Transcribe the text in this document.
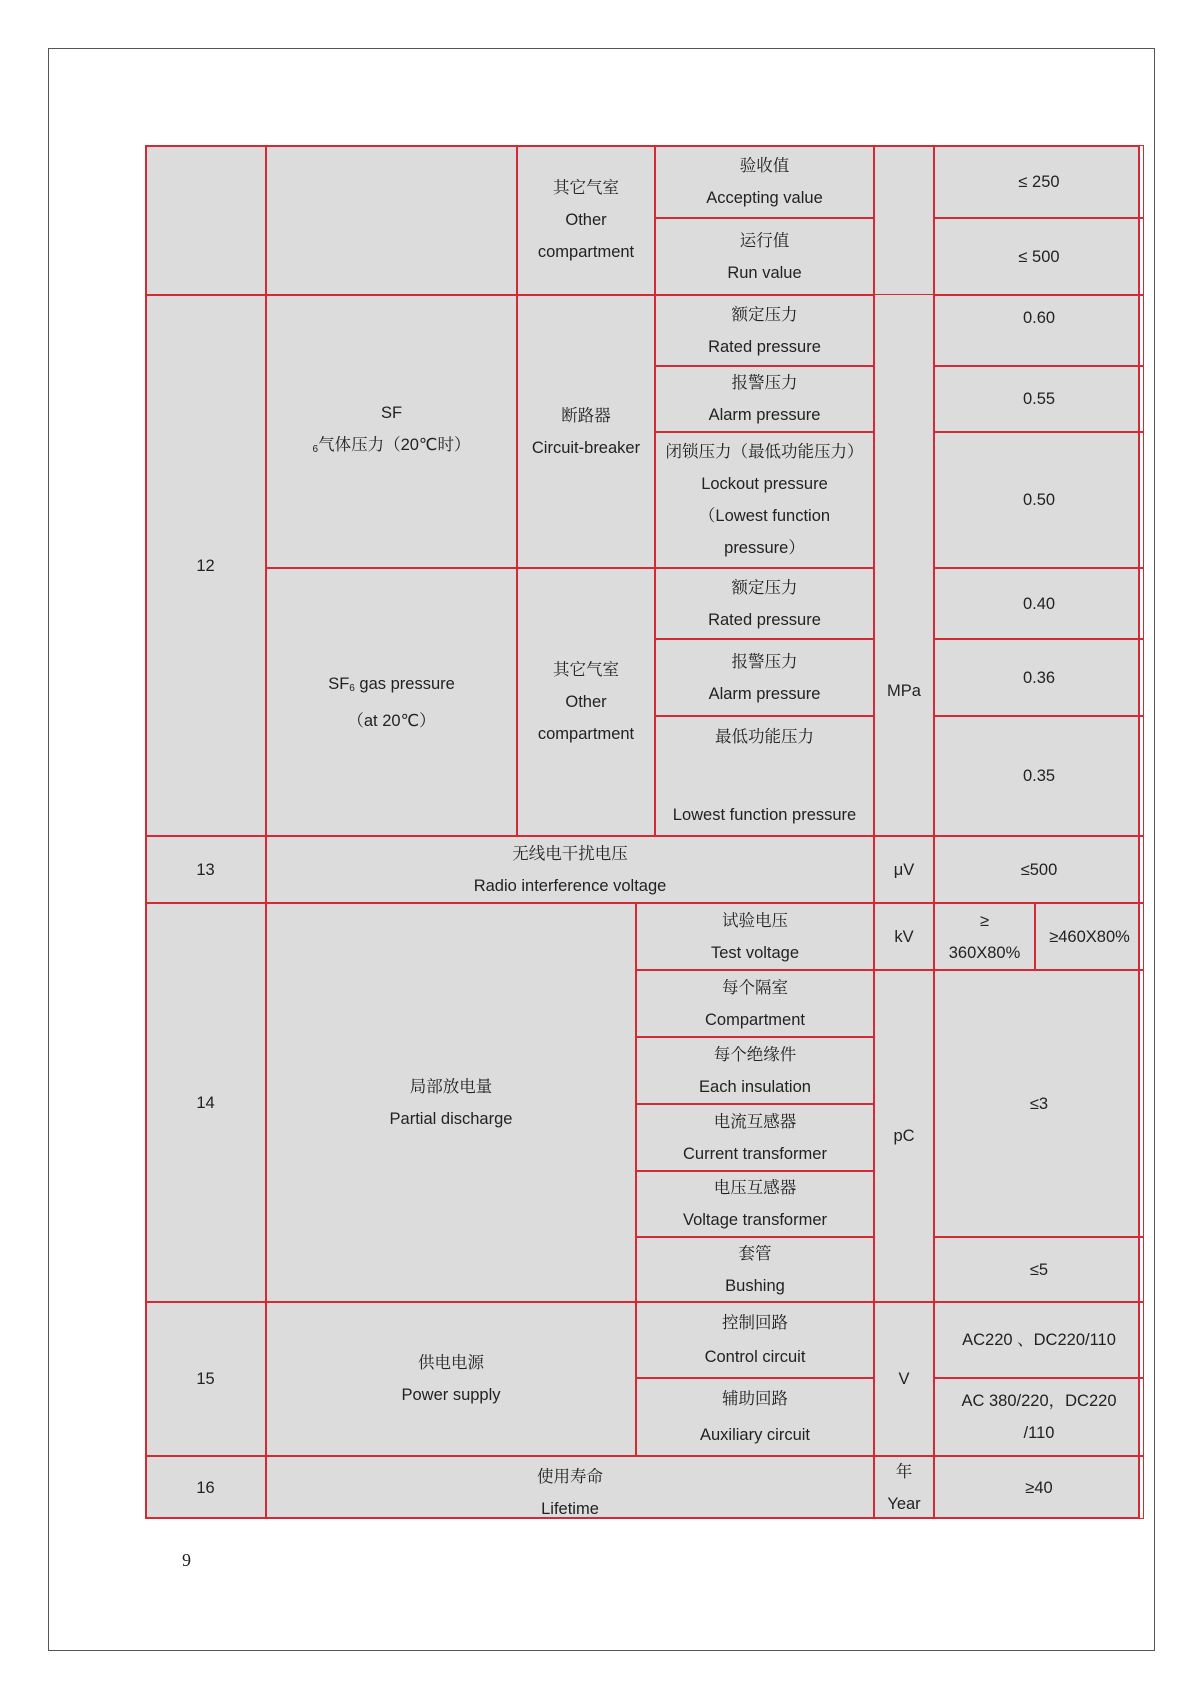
其它气室
Other
compartment
验收值
Accepting value
运行值
Run value
≤ 250
≤ 500
12
SF
$_6$气体压力（20℃时）
$SF_6$ gas pressure
（at 20℃）
断路器
Circuit-breaker
其它气室
Other
compartment
额定压力
Rated pressure
报警压力
Alarm pressure
闭锁压力（最低功能压力）
Lockout pressure
（Lowest function
pressure）
额定压力
Rated pressure
报警压力
Alarm pressure
最低功能压力
Lowest function pressure
MPa
0.60
0.55
0.50
0.40
0.36
0.35
13
无线电干扰电压
Radio interference voltage
μV	≤500
14
局部放电量
Partial discharge
试验电压
Test voltage
每个隔室
Compartment
每个绝缘件
Each insulation
电流互感器
Current transformer
电压互感器
Voltage transformer
套管
Bushing
kV
pC
≥
360X80%
≥460X80%
≤3
≤5
15
供电电源
Power supply
控制回路
Control circuit
辅助回路
Auxiliary circuit
V
AC220 、DC220/110
AC 380/220，DC220
/110
16
使用寿命
Lifetime
年
Year
≥40
9
